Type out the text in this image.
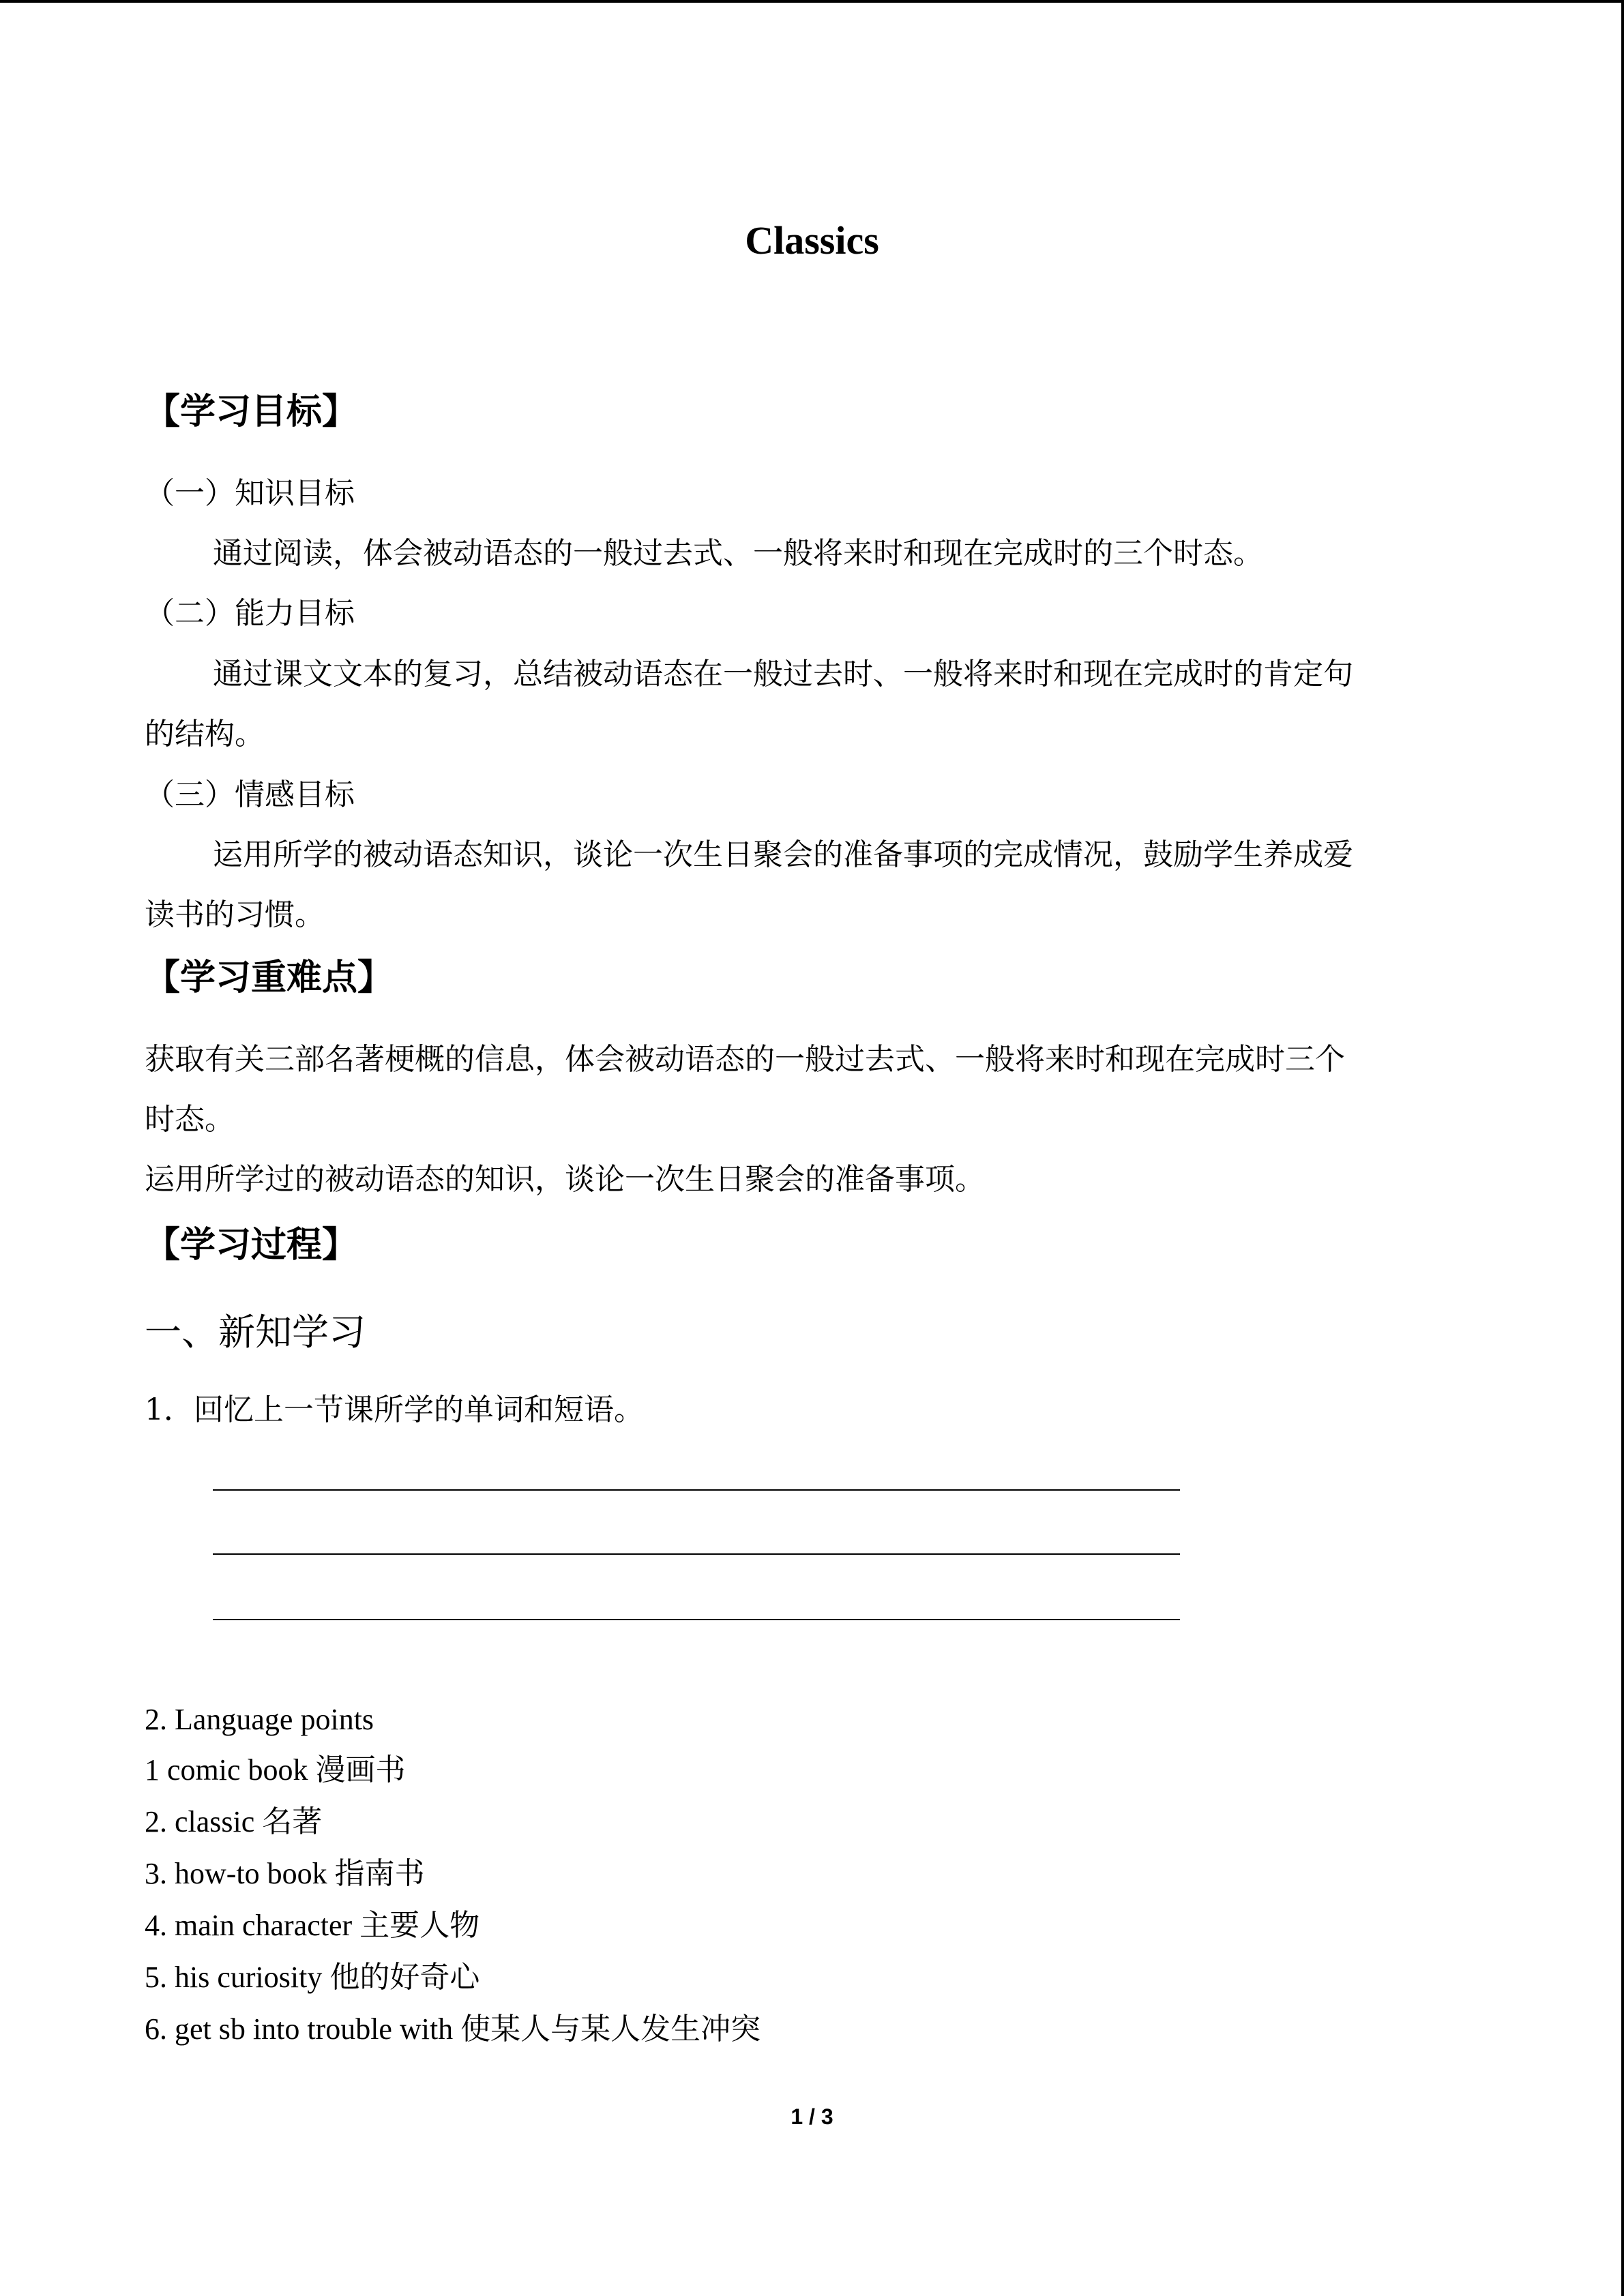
Classics
【学习目标】
（一）知识目标
通过阅读，体会被动语态的一般过去式、一般将来时和现在完成时的三个时态。
（二）能力目标
通过课文文本的复习，总结被动语态在一般过去时、一般将来时和现在完成时的肯定句
的结构。
（三）情感目标
运用所学的被动语态知识，谈论一次生日聚会的准备事项的完成情况，鼓励学生养成爱
读书的习惯。
【学习重难点】
获取有关三部名著梗概的信息，体会被动语态的一般过去式、一般将来时和现在完成时三个
时态。
运用所学过的被动语态的知识，谈论一次生日聚会的准备事项。
【学习过程】
一、新知学习
1．回忆上一节课所学的单词和短语。
2. Language points
1 comic book 漫画书
2. classic 名著
3. how-to book 指南书
4. main character 主要人物
5. his curiosity 他的好奇心
6. get sb into trouble with 使某人与某人发生冲突
1 / 3
